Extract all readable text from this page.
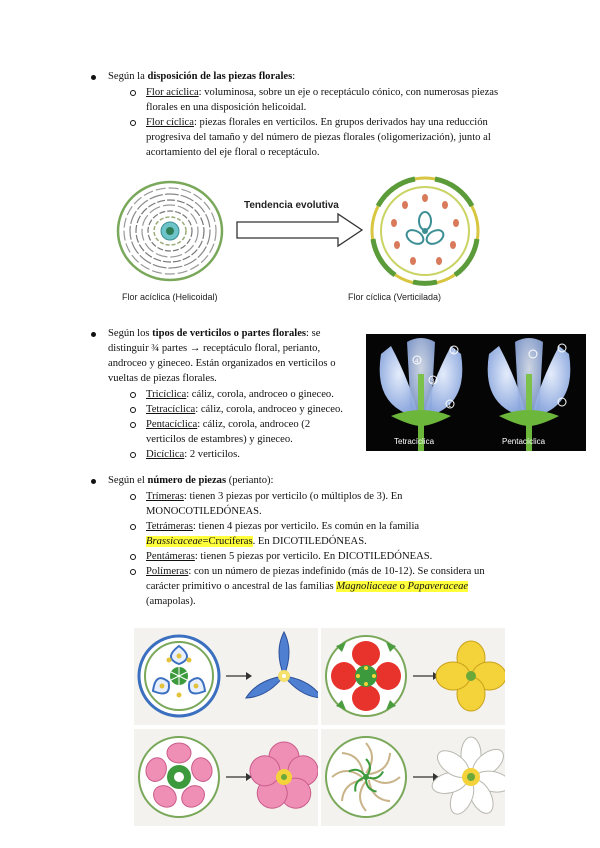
Según la disposición de las piezas florales:
Flor acíclica: voluminosa, sobre un eje o receptáculo cónico, con numerosas piezas
florales en una disposición helicoidal.
Flor cíclica: piezas florales en verticilos. En grupos derivados hay una reducción
progresiva del tamaño y del número de piezas florales (oligomerización), junto al
acortamiento del eje floral o receptáculo.
Tendencia evolutiva
Flor acíclica (Helicoidal)	Flor cíclica (Verticilada)
Según los tipos de verticilos o partes florales: se
distinguir ¾ partes → receptáculo floral, perianto,
androceo y gineceo. Están organizados en verticilos o
vueltas de piezas florales.
Tricíclica: cáliz, corola, androceo o gineceo.
Tetracíclica: cáliz, corola, androceo y gineceo.
Pentacíclica: cáliz, corola, androceo (2
verticilos de estambres) y gineceo.
Dicíclica: 2 verticilos.
2
4
3
1
Tetracíclica	Pentacíclica
Según el número de piezas (perianto):
Trímeras: tienen 3 piezas por verticilo (o múltiplos de 3). En
MONOCOTILEDÓNEAS.
Tetrámeras: tienen 4 piezas por verticilo. Es común en la familia
Brassicaceae=Crucíferas. En DICOTILEDÓNEAS.
Pentámeras: tienen 5 piezas por verticilo. En DICOTILEDÓNEAS.
Polímeras: con un número de piezas indefinido (más de 10-12). Se considera un
carácter primitivo o ancestral de las familias Magnoliaceae o Papaveraceae
(amapolas).
